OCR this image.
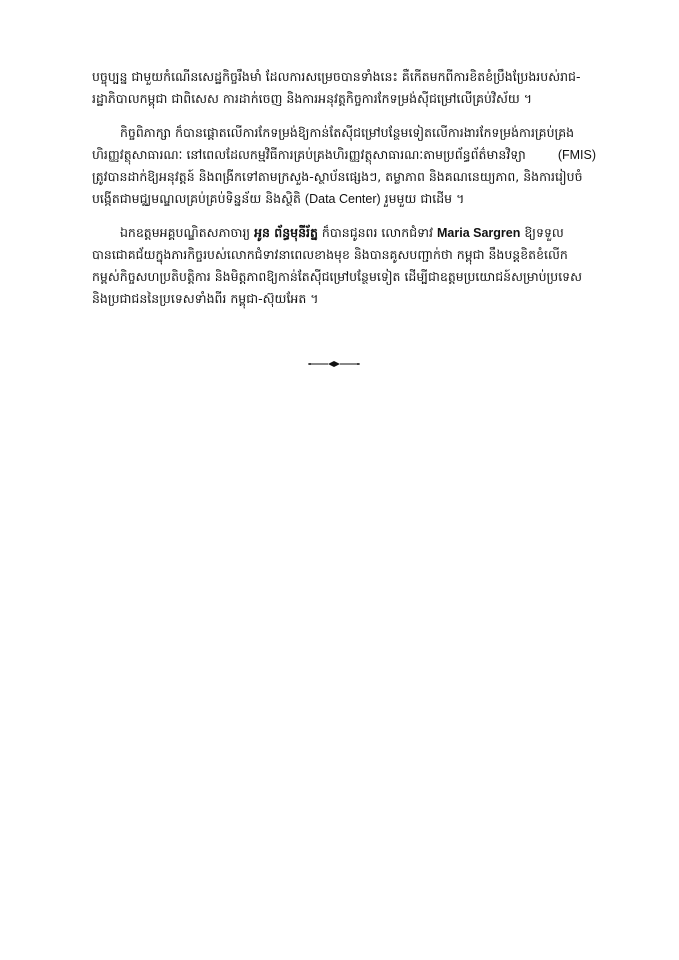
បច្ចុប្បន្ន ជាមួយកំណើនសេដ្ឋកិច្ចរឹងមាំ ដែលការសម្រេចបានទាំងនេះ គឺកើតមកពីការខិតខំប្រឹងប្រែងរបស់រាជ-
រដ្ឋាភិបាលកម្ពុជា ជាពិសេស ការដាក់ចេញ និងការអនុវត្តកិច្ចការកែទម្រង់ស៊ីជម្រៅលើគ្រប់វិស័យ ។
កិច្ចពិភាក្សា ក៏បានផ្តោតលើការកែទម្រង់ឱ្យកាន់តែស៊ីជម្រៅបន្ថែមទៀតលើការងារកែទម្រង់ការគ្រប់គ្រង
ហិរញ្ញវត្ថុសាធារណៈ នៅពេលដែលកម្មវិធីការគ្រប់គ្រងហិរញ្ញវត្ថុសាធារណៈតាមប្រព័ន្ធព័ត៌មានវិទ្យា	(FMIS)
ត្រូវបានដាក់ឱ្យអនុវត្តន៍ និងពង្រីកទៅតាមក្រសួង-ស្ថាប័នផ្សេងៗ, តម្លាភាព និងគណនេយ្យភាព, និងការរៀបចំ
បង្កើតជាមជ្ឈមណ្ឌលគ្រប់គ្រប់ទិន្នន័យ និងស្ថិតិ (Data Center) រួមមួយ ជាដើម ។
ឯកឧត្តមអគ្គបណ្ឌិតសភាចារ្យ អូន ព័ន្ធមុនីរ័ត្ន ក៏បានជូនពរ លោកជំទាវ Maria Sargren ឱ្យទទួល
បានជោគជ័យក្នុងភារកិច្ចរបស់លោកជំទាវនាពេលខាងមុខ និងបានគូសបញ្ជាក់ថា កម្ពុជា នឹងបន្តខិតខំលើក
កម្ពស់កិច្ចសហប្រតិបត្តិការ និងមិត្តភាពឱ្យកាន់តែស៊ីជម្រៅបន្ថែមទៀត ដើម្បីជាឧត្តមប្រយោជន៍សម្រាប់ប្រទេស
និងប្រជាជននៃប្រទេសទាំងពីរ កម្ពុជា-ស៊ុយអែត ។
